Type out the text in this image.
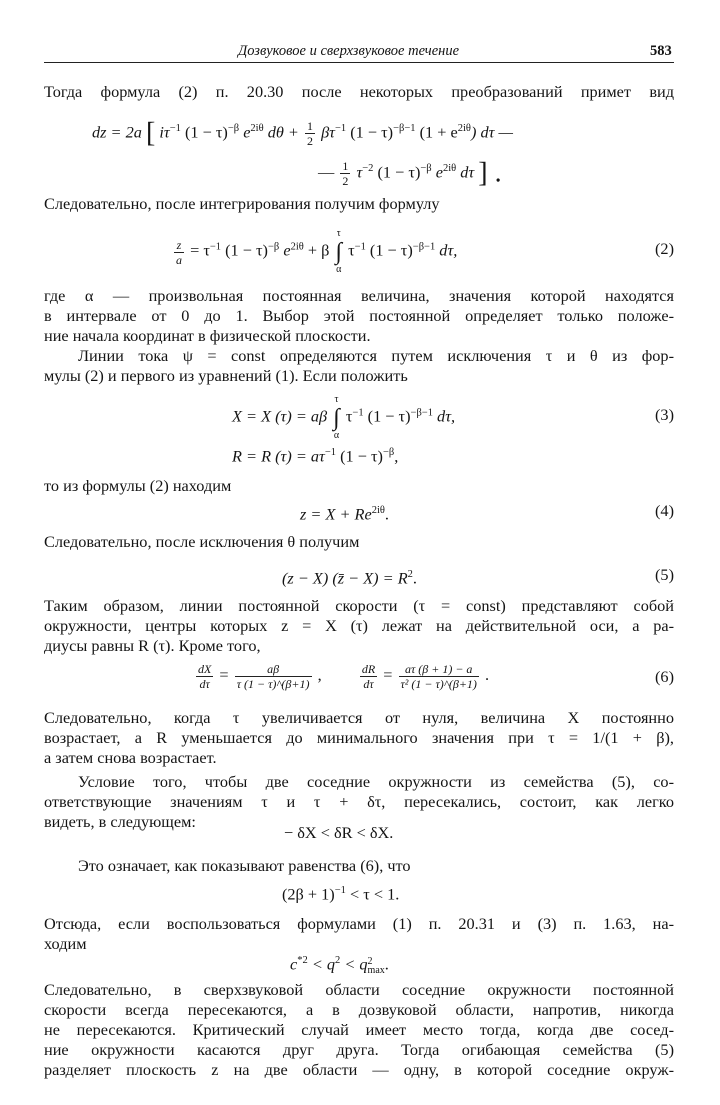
Дозвуковое и сверхзвуковое течение	583
Тогда формула (2) п. 20.30 после некоторых преобразований примет вид
dz = 2a [ $i\tau^{-1}$ $(1 - \tau)^{-\beta}$ $e^{2i\theta}$ $d\theta + \frac{1}{2} \beta\tau^{-1}$ $(1 - \tau)^{-\beta-1}$ $(1 + e^{2i\theta})$ dτ —
— $\frac{1}{2} \tau^{-2}$ $(1 - \tau)^{-\beta}$ $e^{2i\theta}$ dτ ] .
Следовательно, после интегрирования получим формулу
$\frac{z}{a} = \tau^{-1}$ $(1 - \tau)^{-\beta}$ $e^{2i\theta} + \beta$
τ
∫
α
$\tau^{-1}$ $(1 - \tau)^{-\beta-1}$ dτ,	(2)
где α — произвольная постоянная величина, значения которой находятся
в интервале от 0 до 1. Выбор этой постоянной определяет только положе-
ние начала координат в физической плоскости.
Линии тока ψ = const определяются путем исключения τ и θ из фор-
мулы (2) и первого из уравнений (1). Если положить
X = X (τ) = aβ
τ
∫
α
$\tau^{-1}$ $(1 - \tau)^{-\beta-1}$ dτ,	(3)
R = R $(\tau) = a\tau^{-1}$ $(1 - \tau)^{-\beta}$,
то из формулы (2) находим
$z = X + Re^{2i\theta}$.	(4)
Следовательно, после исключения θ получим
(z − X) (z̄ − $X) = R^2$.	(5)
Таким образом, линии постоянной скорости (τ = const) представляют собой
окружности, центры которых z = X (τ) лежат на действительной оси, а ра-
диусы равны R (τ). Кроме того,
$\frac{dX}{d\tau} = \frac{a\beta}{\tau (1 - \tau)\^{}(\beta+1)}$ ,	$\frac{dR}{d\tau} = \frac{a\tau (\beta + 1) - a}{\text{τ² (1 − τ)\textasciicircum{}(β+1)}}$ .	(6)
Следовательно, когда τ увеличивается от нуля, величина X постоянно
возрастает, а R уменьшается до минимального значения при τ = 1/(1 + β),
а затем снова возрастает.
Условие того, чтобы две соседние окружности из семейства (5), со-
ответствующие значениям τ и τ + δτ, пересекались, состоит, как легко
видеть, в следующем:
− δX < δR < δX.
Это означает, как показывают равенства (6), что
$(2\beta + 1)^{-1} < \tau < 1$.
Отсюда, если воспользоваться формулами (1) п. 20.31 и (3) п. 1.63, на-
ходим
$c^{*2} < q^2 < q$ 2
max .
Следовательно, в сверхзвуковой области соседние окружности постоянной
скорости всегда пересекаются, а в дозвуковой области, напротив, никогда
не пересекаются. Критический случай имеет место тогда, когда две сосед-
ние окружности касаются друг друга. Тогда огибающая семейства (5)
разделяет плоскость z на две области — одну, в которой соседние окруж-
